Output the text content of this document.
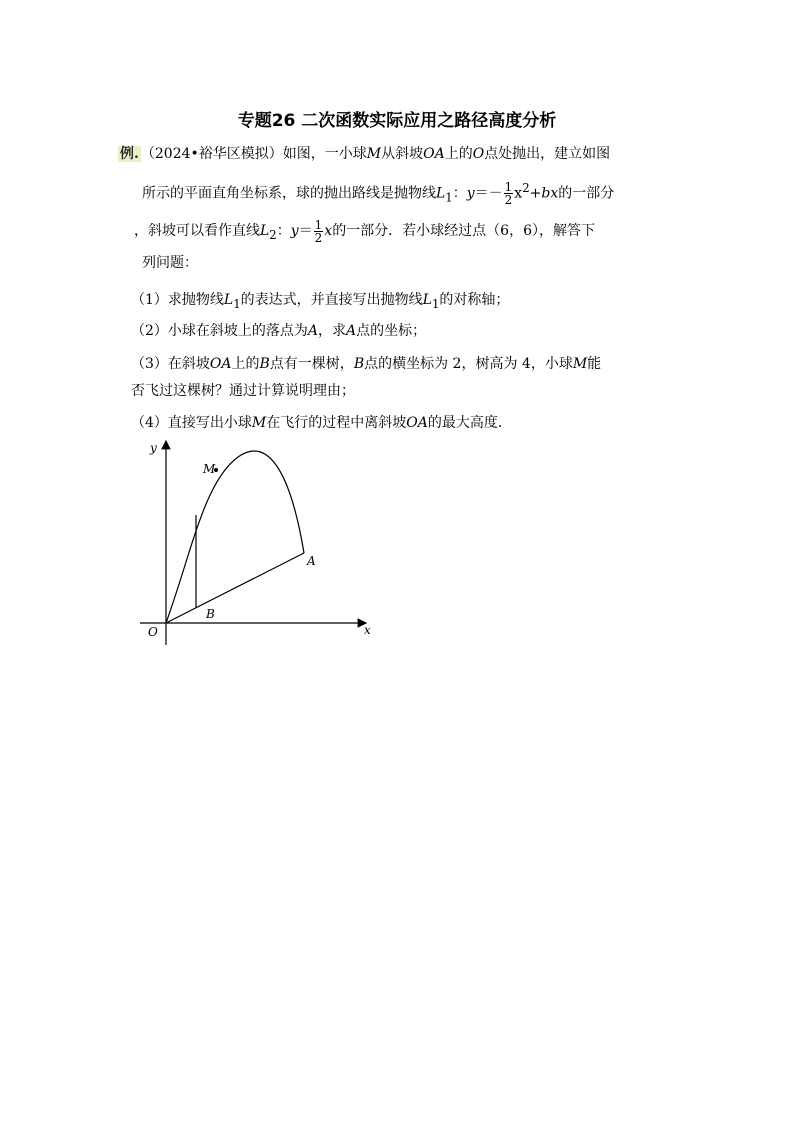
专题26 二次函数实际应用之路径高度分析
例. （2024•裕华区模拟）如图，一小球M从斜坡OA上的O点处抛出，建立如图
所示的平面直角坐标系，球的抛出路线是抛物线$L_1$：$y=- \frac{1}{2} x^2+bx$的一部分
，斜坡可以看作直线$L_2$：$y= \frac{1}{2}$ x的一部分．若小球经过点（6，6），解答下
列问题：
（1）求抛物线$L_1$的表达式，并直接写出抛物线$L_1$的对称轴；
（2）小球在斜坡上的落点为A，求A点的坐标；
（3）在斜坡OA上的B点有一棵树，B点的横坐标为 2，树高为 4，小球M能
否飞过这棵树？通过计算说明理由；
（4）直接写出小球M在飞行的过程中离斜坡OA的最大高度．
y
x
O
M
A
B
